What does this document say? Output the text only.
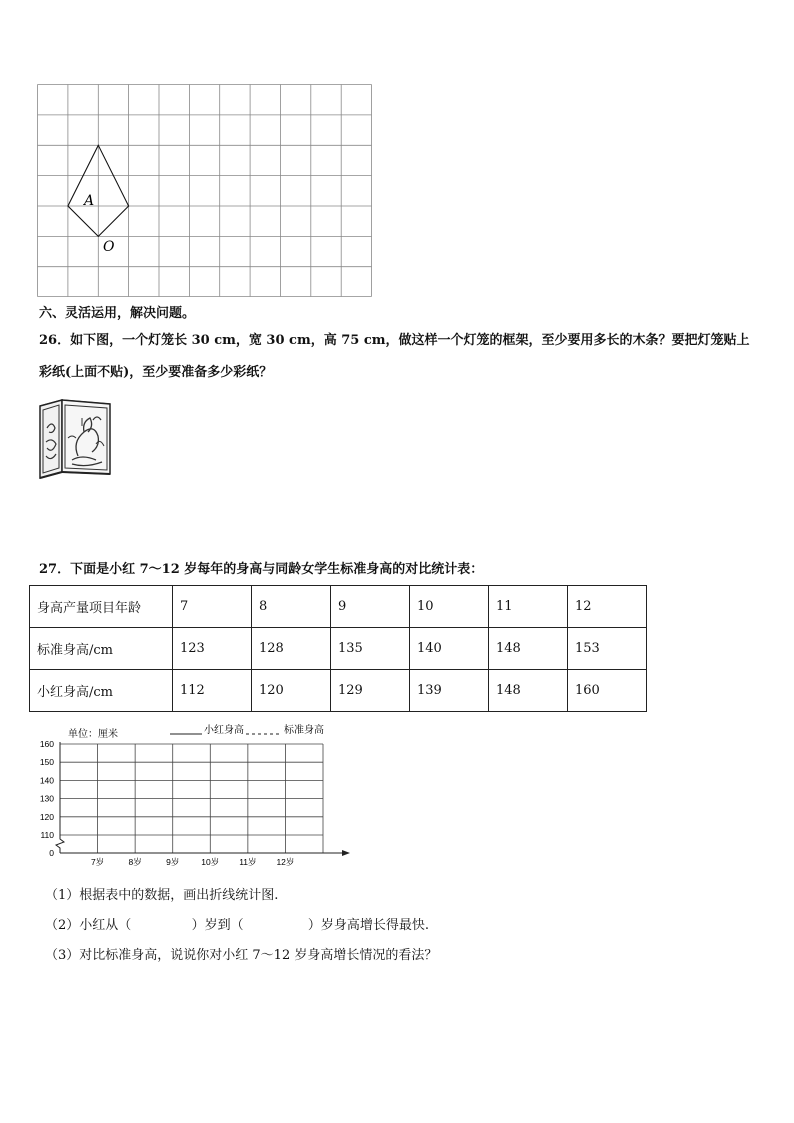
A
O
六、灵活运用，解决问题。
26．如下图，一个灯笼长 30 cm，宽 30 cm，高 75 cm，做这样一个灯笼的框架，至少要用多长的木条？要把灯笼贴上
彩纸(上面不贴)，至少要准备多少彩纸？
27．下面是小红 7～12 岁每年的身高与同龄女学生标准身高的对比统计表：
身高产量项目年龄	7	8	9	10	11	12
标准身高/cm	123	128	135	140	148	153
小红身高/cm	112	120	129	139	148	160
单位：厘米	小红身高	标准身高
160
150
140
130
120
110
0
7岁	8岁	9岁	10岁 11岁 12岁
（1）根据表中的数据，画出折线统计图.
（2）小红从（	）岁到（	）岁身高增长得最快.
（3）对比标准身高，说说你对小红 7～12 岁身高增长情况的看法？
